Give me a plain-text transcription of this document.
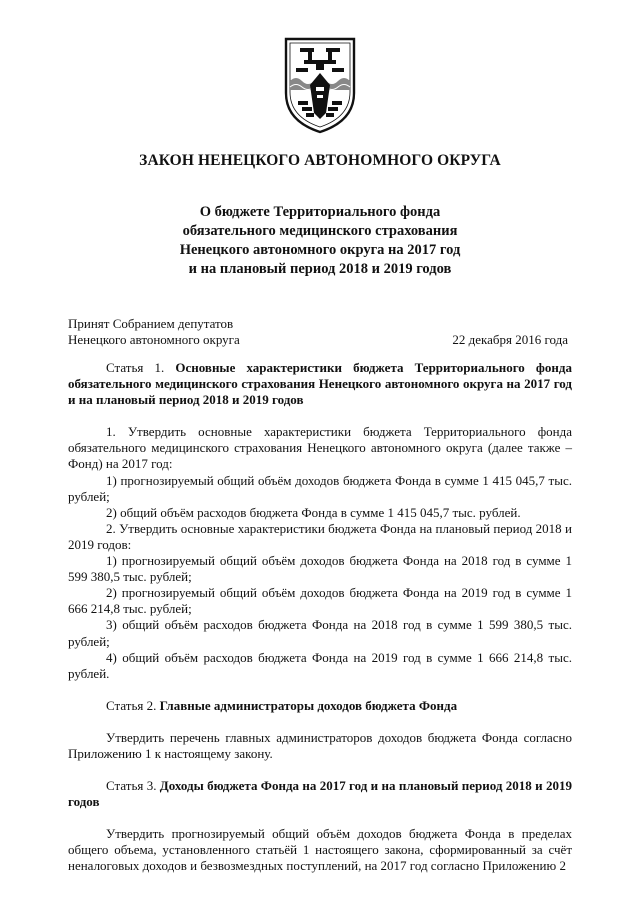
ЗАКОН НЕНЕЦКОГО АВТОНОМНОГО ОКРУГА
О бюджете Территориального фонда
обязательного медицинского страхования
Ненецкого автономного округа на 2017 год
и на плановый период 2018 и 2019 годов
Принят Собранием депутатов
Ненецкого автономного округа	22 декабря 2016 года

Статья 1. Основные характеристики бюджета Территориального фонда обязательного медицинского страхования Ненецкого автономного округа на 2017 год и на плановый период 2018 и 2019 годов

1. Утвердить основные характеристики бюджета Территориального фонда обязательного медицинского страхования Ненецкого автономного округа (далее также – Фонд) на 2017 год:

1) прогнозируемый общий объём доходов бюджета Фонда в сумме 1 415 045,7 тыс. рублей;

2) общий объём расходов бюджета Фонда в сумме 1 415 045,7 тыс. рублей.

2. Утвердить основные характеристики бюджета Фонда на плановый период 2018 и 2019 годов:

1) прогнозируемый общий объём доходов бюджета Фонда на 2018 год в сумме 1 599 380,5 тыс. рублей;

2) прогнозируемый общий объём доходов бюджета Фонда на 2019 год в сумме 1 666 214,8 тыс. рублей;

3) общий объём расходов бюджета Фонда на 2018 год в сумме 1 599 380,5 тыс. рублей;

4) общий объём расходов бюджета Фонда на 2019 год в сумме 1 666 214,8 тыс. рублей.

Статья 2. Главные администраторы доходов бюджета Фонда

Утвердить перечень главных администраторов доходов бюджета Фонда согласно Приложению 1 к настоящему закону.

Статья 3. Доходы бюджета Фонда на 2017 год и на плановый период 2018 и 2019 годов

Утвердить прогнозируемый общий объём доходов бюджета Фонда в пределах общего объема, установленного статьёй 1 настоящего закона, сформированный за счёт неналоговых доходов и безвозмездных поступлений, на 2017 год согласно Приложению 2
